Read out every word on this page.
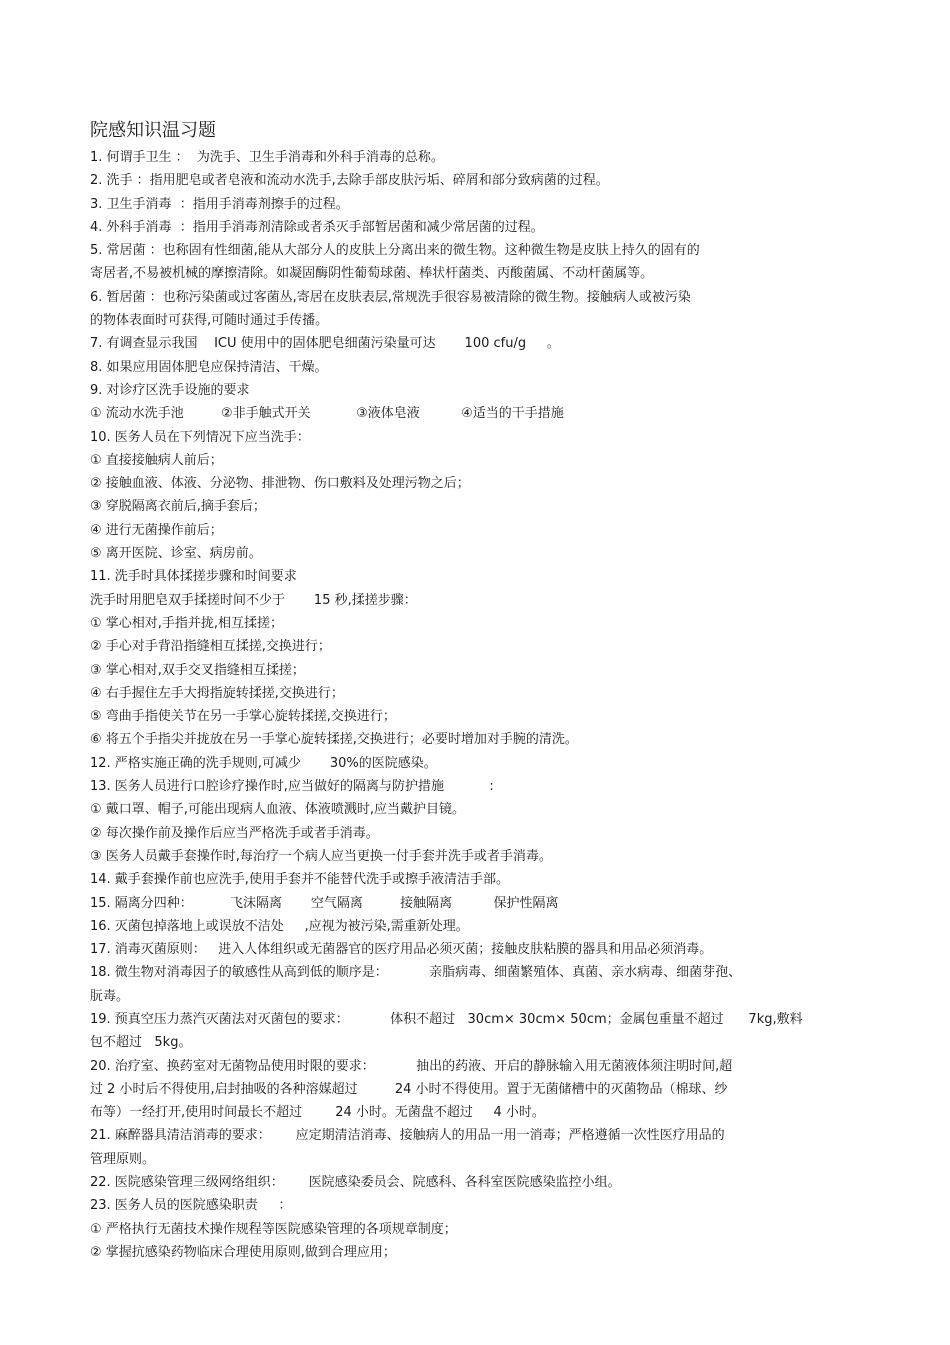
院感知识温习题

1. 何谓手卫生 ：  为洗手、卫生手消毒和外科手消毒的总称。

2. 洗手 ：指用肥皂或者皂液和流动水洗手,去除手部皮肤污垢、碎屑和部分致病菌的过程。

3. 卫生手消毒  ：指用手消毒剂擦手的过程。

4. 外科手消毒  ：指用手消毒剂清除或者杀灭手部暂居菌和减少常居菌的过程。

5. 常居菌 ：也称固有性细菌,能从大部分人的皮肤上分离出来的微生物。这种微生物是皮肤上持久的固有的

寄居者,不易被机械的摩擦清除。如凝固酶阴性葡萄球菌、棒状杆菌类、丙酸菌属、不动杆菌属等。

6. 暂居菌 ：也称污染菌或过客菌丛,寄居在皮肤表层,常规洗手很容易被清除的微生物。接触病人或被污染

的物体表面时可获得,可随时通过手传播。

7. 有调查显示我国    ICU 使用中的固体肥皂细菌污染量可达       100 cfu/g     。

8. 如果应用固体肥皂应保持清洁、干燥。

9. 对诊疗区洗手设施的要求

① 流动水洗手池         ②非手触式开关           ③液体皂液          ④适当的干手措施

10. 医务人员在下列情况下应当洗手：

① 直接接触病人前后；

② 接触血液、体液、分泌物、排泄物、伤口敷料及处理污物之后；

③ 穿脱隔离衣前后,摘手套后；

④ 进行无菌操作前后；

⑤ 离开医院、诊室、病房前。

11. 洗手时具体揉搓步骤和时间要求

洗手时用肥皂双手揉搓时间不少于       15 秒,揉搓步骤：

① 掌心相对,手指并拢,相互揉搓；

② 手心对手背沿指缝相互揉搓,交换进行；

③ 掌心相对,双手交叉指缝相互揉搓；

④ 右手握住左手大拇指旋转揉搓,交换进行；

⑤ 弯曲手指使关节在另一手掌心旋转揉搓,交换进行；

⑥ 将五个手指尖并拢放在另一手掌心旋转揉搓,交换进行；必要时增加对手腕的清洗。

12. 严格实施正确的洗手规则,可减少       30%的医院感染。

13. 医务人员进行口腔诊疗操作时,应当做好的隔离与防护措施           :

① 戴口罩、帽子,可能出现病人血液、体液喷溅时,应当戴护目镜。

② 每次操作前及操作后应当严格洗手或者手消毒。

③ 医务人员戴手套操作时,每治疗一个病人应当更换一付手套并洗手或者手消毒。

14. 戴手套操作前也应洗手,使用手套并不能替代洗手或擦手液清洁手部。

15. 隔离分四种：         飞沫隔离       空气隔离         接触隔离          保护性隔离

16. 灭菌包掉落地上或误放不洁处     ,应视为被污染,需重新处理。

17. 消毒灭菌原则：   进入人体组织或无菌器官的医疗用品必须灭菌；接触皮肤粘膜的器具和用品必须消毒。

18. 微生物对消毒因子的敏感性从高到低的顺序是：          亲脂病毒、细菌繁殖体、真菌、亲水病毒、细菌芽孢、

朊毒。

19. 预真空压力蒸汽灭菌法对灭菌包的要求：          体积不超过   30cm× 30cm× 50cm；金属包重量不超过      7kg,敷料

包不超过   5kg。

20. 治疗室、换药室对无菌物品使用时限的要求：          抽出的药液、开启的静脉输入用无菌液体须注明时间,超

过 2 小时后不得使用,启封抽吸的各种溶媒超过         24 小时不得使用。置于无菌储槽中的灭菌物品（棉球、纱

布等）一经打开,使用时间最长不超过        24 小时。无菌盘不超过     4 小时。

21. 麻醉器具清洁消毒的要求：      应定期清洁消毒、接触病人的用品一用一消毒；严格遵循一次性医疗用品的

管理原则。

22. 医院感染管理三级网络组织：      医院感染委员会、院感科、各科室医院感染监控小组。

23. 医务人员的医院感染职责     ：

① 严格执行无菌技术操作规程等医院感染管理的各项规章制度；

② 掌握抗感染药物临床合理使用原则,做到合理应用；
